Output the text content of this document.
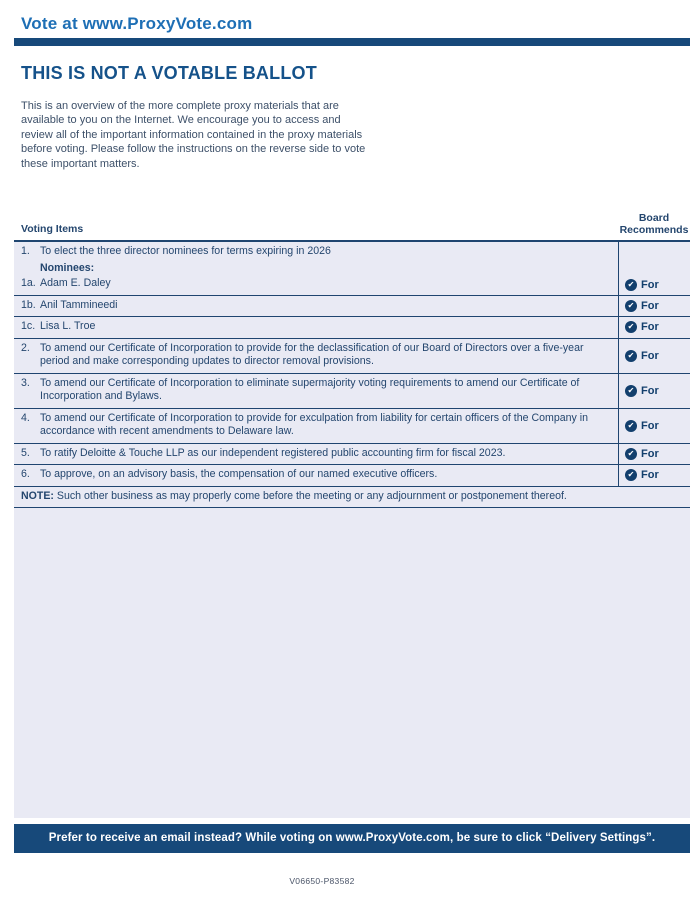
Vote at www.ProxyVote.com
THIS IS NOT A VOTABLE BALLOT
This is an overview of the more complete proxy materials that are available to you on the Internet. We encourage you to access and review all of the important information contained in the proxy materials before voting. Please follow the instructions on the reverse side to vote these important matters.
Voting Items
Board
Recommends
1. To elect the three director nominees for terms expiring in 2026
Nominees:
1a. Adam E. Daley	✔ For
1b. Anil Tammineedi	✔ For
1c. Lisa L. Troe	✔ For
2. To amend our Certificate of Incorporation to provide for the declassification of our Board of Directors over a five-year period and make corresponding updates to director removal provisions.	✔ For
3. To amend our Certificate of Incorporation to eliminate supermajority voting requirements to amend our Certificate of Incorporation and Bylaws.	✔ For
4. To amend our Certificate of Incorporation to provide for exculpation from liability for certain officers of the Company in accordance with recent amendments to Delaware law.	✔ For
5. To ratify Deloitte & Touche LLP as our independent registered public accounting firm for fiscal 2023.	✔ For
6. To approve, on an advisory basis, the compensation of our named executive officers.	✔ For
NOTE: Such other business as may properly come before the meeting or any adjournment or postponement thereof.
Prefer to receive an email instead? While voting on www.ProxyVote.com, be sure to click “Delivery Settings”.
V06650-P83582
